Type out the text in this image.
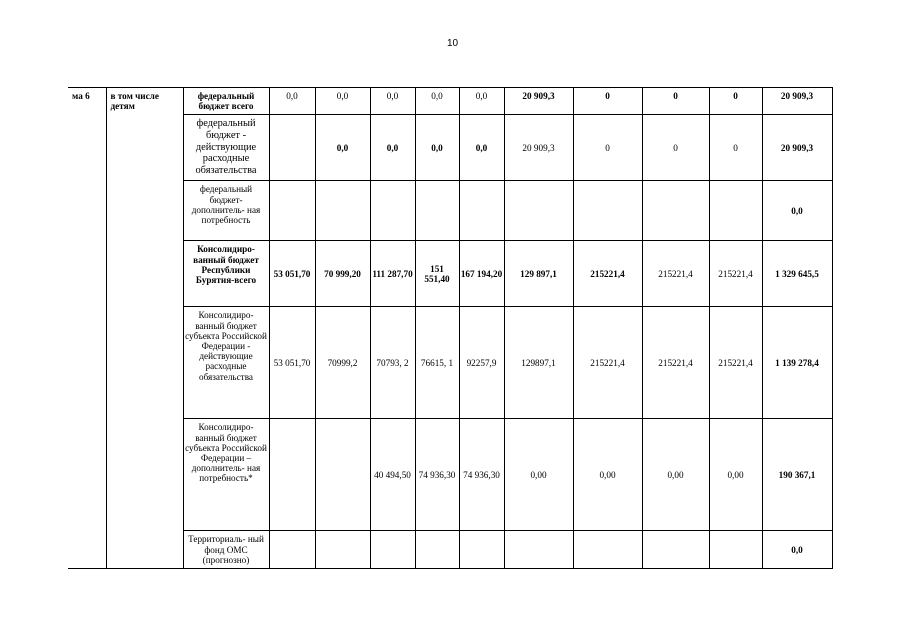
10
ма 6	в том числе детям	федеральный бюджет всего	0,0	0,0	0,0	0,0	0,0	20 909,3	0	0	0	20 909,3
		федеральный бюджет - действующие расходные обязательства		0,0	0,0	0,0	0,0	20 909,3	0	0	0	20 909,3
		федеральный бюджет- дополнитель- ная потребность										0,0
		Консолидиро- ванный бюджет Республики Бурятия-всего	53 051,70	70 999,20	111 287,70	151 551,40	167 194,20	129 897,1	215221,4	215221,4	215221,4	1 329 645,5
		Консолидиро- ванный бюджет субъекта Российской Федерации - действующие расходные обязательства	53 051,70	70999,2	70793, 2	76615, 1	92257,9	129897,1	215221,4	215221,4	215221,4	1 139 278,4
		Консолидиро- ванный бюджет субъекта Российской Федерации – дополнитель- ная потребность*			40 494,50	74 936,30	74 936,30	0,00	0,00	0,00	0,00	190 367,1
		Территориаль- ный фонд ОМС (прогнозно)										0,0
